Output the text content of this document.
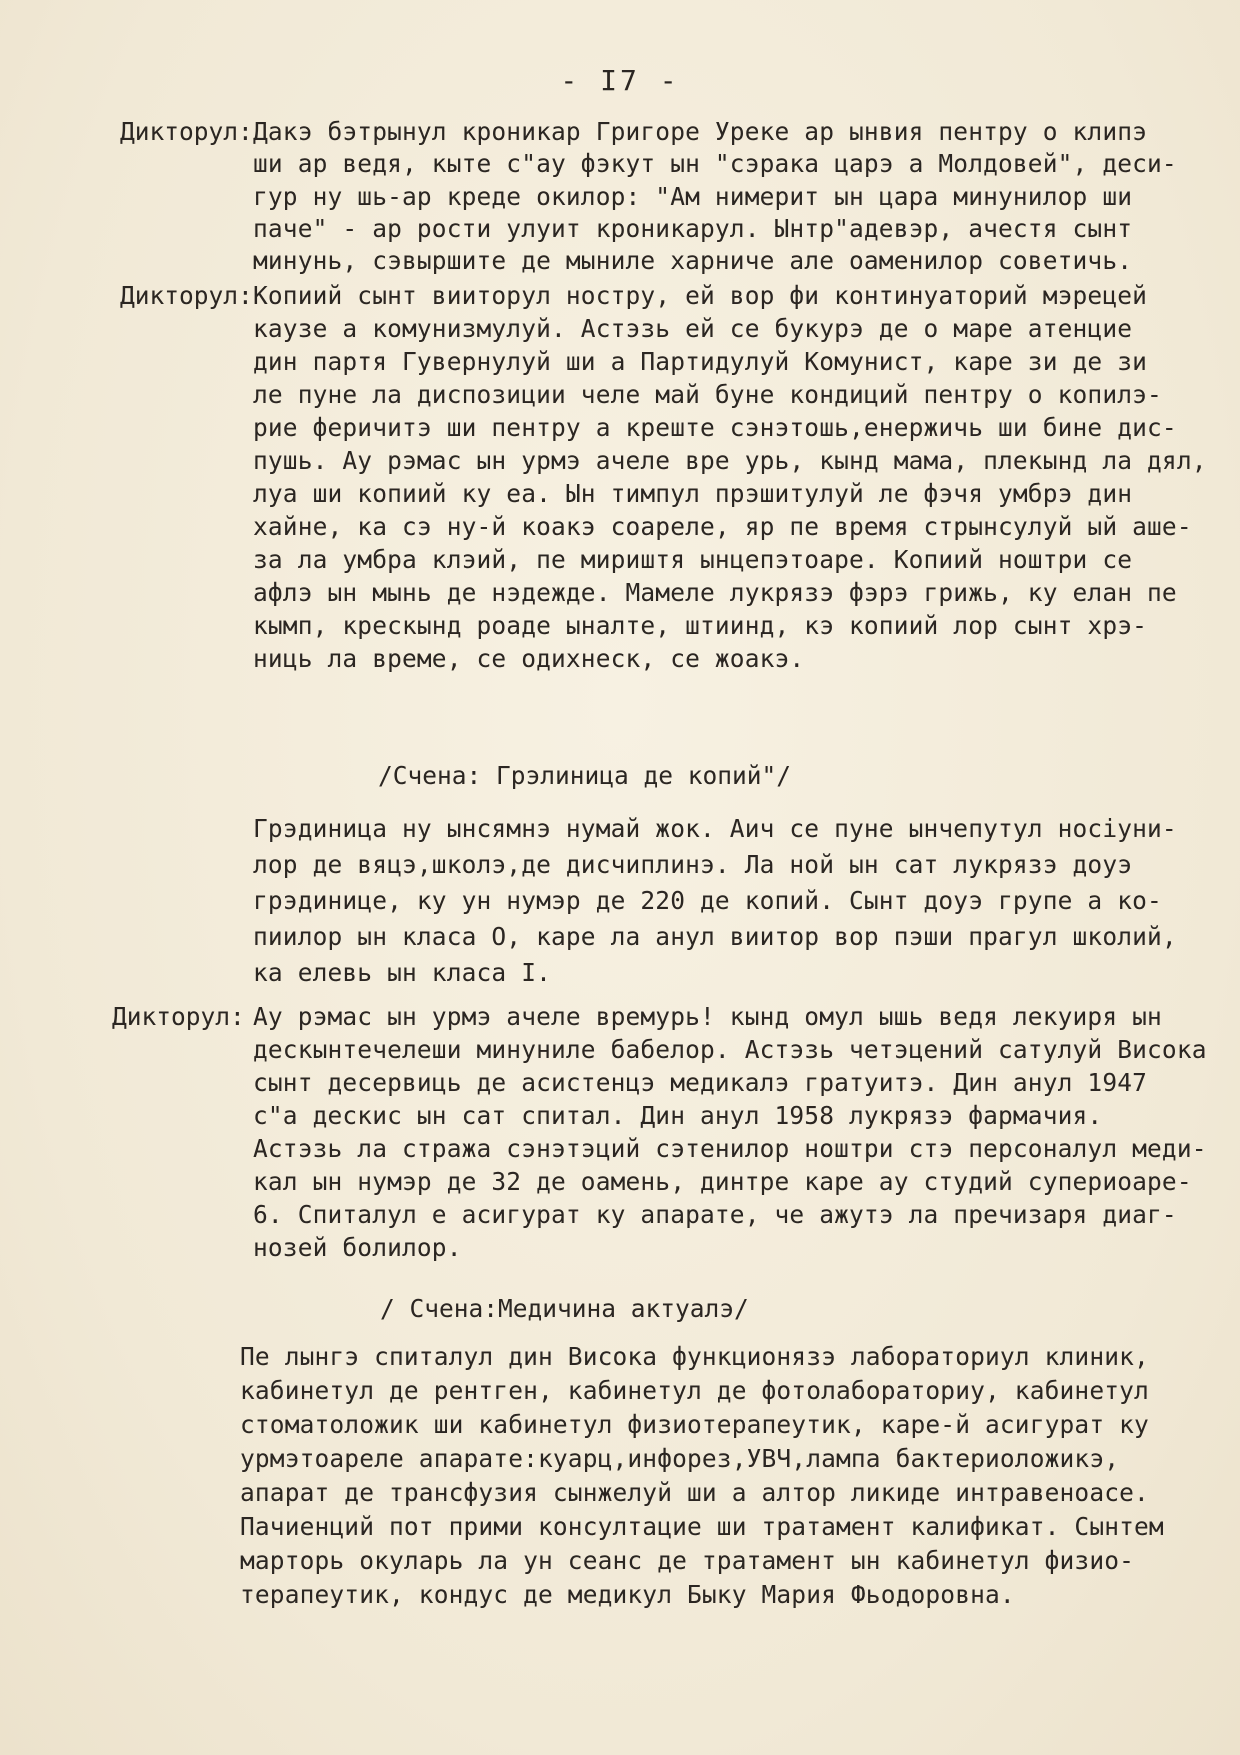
- I7 -
Дикторул: Дакэ бэтрынул кроникар Григоре Уреке ар ынвия пентру о клипэ
ши ар ведя, кыте с"ау фэкут ын "сэрака царэ а Молдовей", деси-
гур ну шь-ар креде окилор: "Ам нимерит ын цара минунилор ши
паче" - ар рости улуит кроникарул. Ынтр"адевэр, ачестя сынт
минунь, сэвыршите де мыниле харниче але оаменилор советичь.
Дикторул: Копиий сынт вииторул ностру, ей вор фи континуаторий мэрецей
каузе а комунизмулуй. Астэзь ей се букурэ де о маре атенцие
дин партя Гувернулуй ши а Партидулуй Комунист, каре зи де зи
ле пуне ла диспозиции челе май буне кондиций пентру о копилэ-
рие феричитэ ши пентру а креште сэнэтошь,енержичь ши бине дис-
пушь. Ау рэмас ын урмэ ачеле вре урь, кынд мама, плекынд ла дял,
луа ши копиий ку еа. Ын тимпул прэшитулуй ле фэчя умбрэ дин
хайне, ка сэ ну-й коакэ соареле, яр пе время стрынсулуй ый аше-
за ла умбра клэий, пе мириштя ынцепэтоаре. Копиий ноштри се
афлэ ын мынь де нэдежде. Мамеле лукрязэ фэрэ грижь, ку елан пе
кымп, крескынд роаде ыналте, штиинд, кэ копиий лор сынт хрэ-
ниць ла време, се одихнеск, се жоакэ.
/Счена: Грэлиница де копий"/
Грэдиница ну ынсямнэ нумай жок. Аич се пуне ынчепутул нociуни-
лор де вяцэ,школэ,де дисчиплинэ. Ла ной ын сат лукрязэ доуэ
грэдинице, ку ун нумэр де 220 де копий. Сынт доуэ групе а ко-
пиилор ын класа О, каре ла анул виитор вор пэши прагул школий,
ка елевь ын класа I.
Дикторул: Ау рэмас ын урмэ ачеле времурь! кынд омул ышь ведя лекуиря ын
дескынтечелеши минуниле бабелор. Астэзь четэцений сатулуй Висока
сынт десервиць де асистенцэ медикалэ гратуитэ. Дин анул 1947
с"а дескис ын сат спитал. Дин анул 1958 лукрязэ фармачия.
Астэзь ла стража сэнэтэций сэтенилор ноштри стэ персоналул меди-
кал ын нумэр де 32 де оамень, динтре каре ау студий супериоаре-
6. Спиталул е асигурат ку апарате, че ажутэ ла пречизаря диаг-
нозей болилор.
/ Счена:Медичина актуалэ/
Пе лынгэ спиталул дин Висока функционязэ лабораториул клиник,
кабинетул де рентген, кабинетул де фотолабораториу, кабинетул
стоматоложик ши кабинетул физиотерапеутик, каре-й асигурат ку
урмэтоареле апарате:куарц,инфорез,УВЧ,лампа бактериоложикэ,
апарат де трансфузия сынжелуй ши а алтор ликиде интравеноасе.
Пачиенций пот прими консултацие ши тратамент калификат. Сынтем
марторь окуларь ла ун сеанс де тратамент ын кабинетул физио-
терапеутик, кондус де медикул Быку Мария Фьодоровна.
